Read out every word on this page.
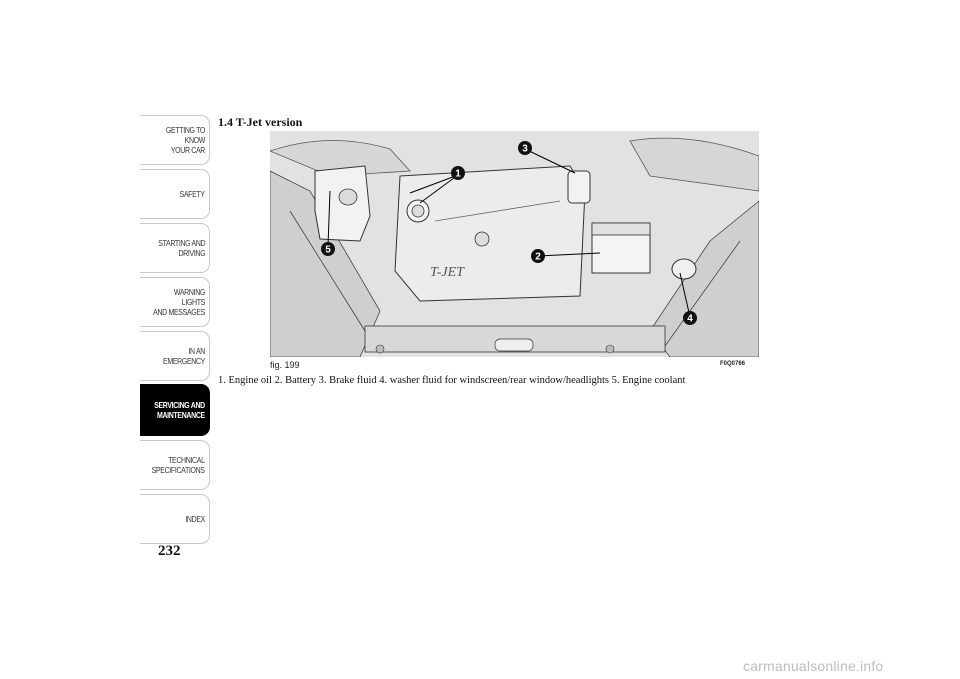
GETTING TO KNOW
YOUR CAR
SAFETY
STARTING AND
DRIVING
WARNING LIGHTS
AND MESSAGES
IN AN EMERGENCY
SERVICING AND
MAINTENANCE
TECHNICAL
SPECIFICATIONS
INDEX
232
1.4 T-Jet version
T-JET
1
2
3
4
5
fig. 199	F0Q0766
1. Engine oil 2. Battery 3. Brake fluid 4. washer fluid for windscreen/rear window/headlights 5. Engine coolant
carmanualsonline.info
